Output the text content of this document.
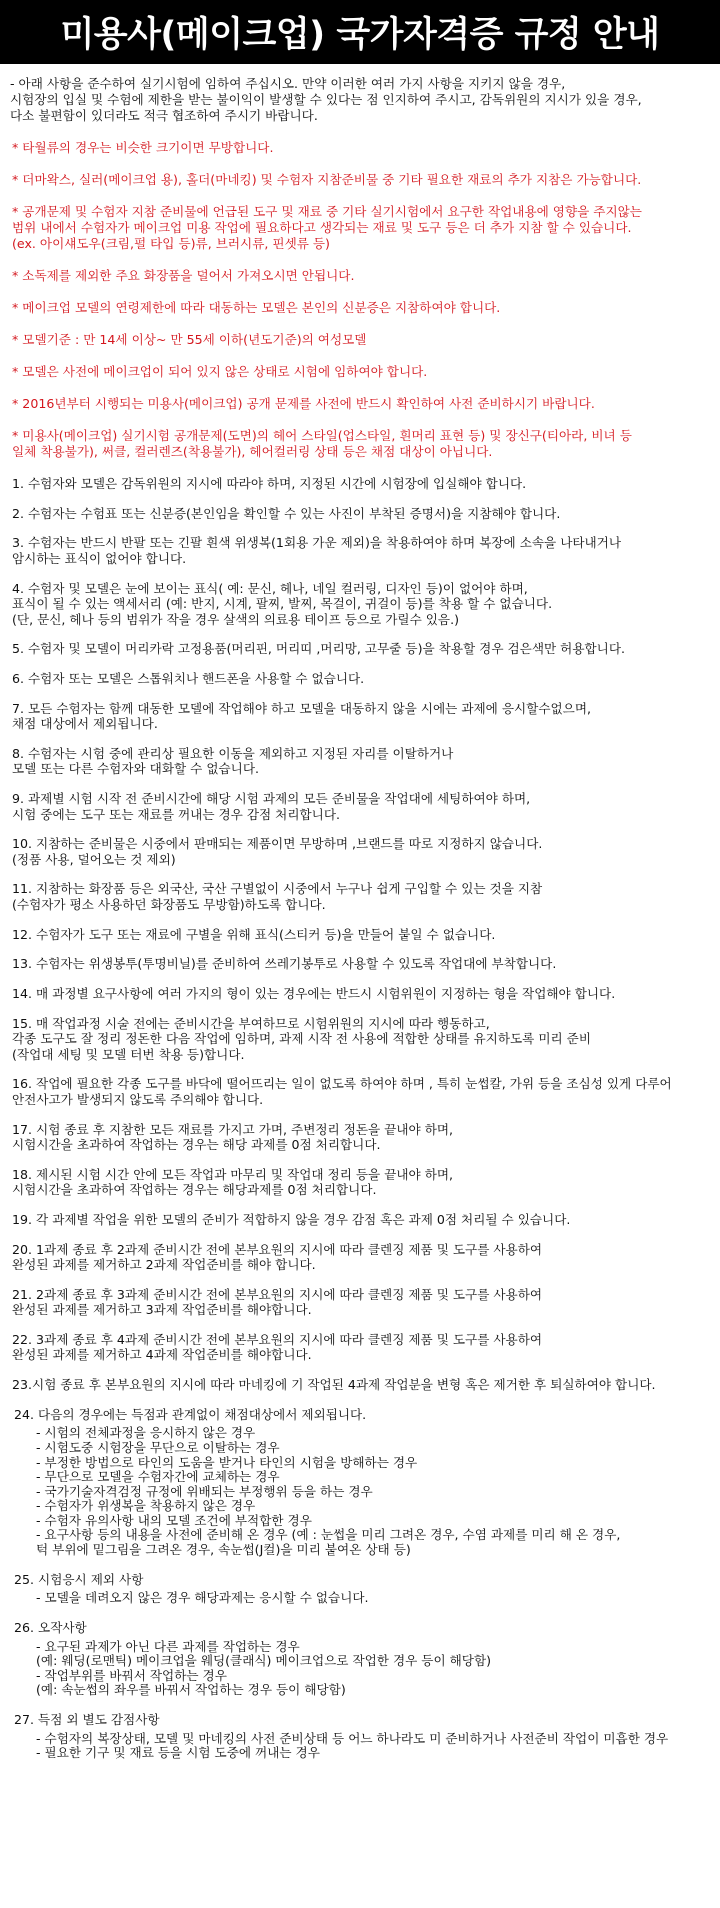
미용사(메이크업) 국가자격증 규정 안내
- 아래 사항을 준수하여 실기시험에 임하여 주십시오. 만약 이러한 여러 가지 사항을 지키지 않을 경우,
시험장의 입실 및 수험에 제한을 받는 불이익이 발생할 수 있다는 점 인지하여 주시고, 감독위원의 지시가 있을 경우,
다소 불편함이 있더라도 적극 협조하여 주시기 바랍니다.
* 타월류의 경우는 비슷한 크기이면 무방합니다.
* 더마왁스, 실러(메이크업 용), 홀더(마네킹) 및 수험자 지참준비물 중 기타 필요한 재료의 추가 지참은 가능합니다.
* 공개문제 및 수험자 지참 준비물에 언급된 도구 및 재료 중 기타 실기시험에서 요구한 작업내용에 영향을 주지않는
범위 내에서 수험자가 메이크업 미용 작업에 필요하다고 생각되는 재료 및 도구 등은 더 추가 지참 할 수 있습니다.
(ex. 아이섀도우(크림,펄 타입 등)류, 브러시류, 핀셋류 등)
* 소독제를 제외한 주요 화장품을 덜어서 가져오시면 안됩니다.
* 메이크업 모델의 연령제한에 따라 대동하는 모델은 본인의 신분증은 지참하여야 합니다.
* 모델기준 : 만 14세 이상~ 만 55세 이하(년도기준)의 여성모델
* 모델은 사전에 메이크업이 되어 있지 않은 상태로 시험에 임하여야 합니다.
* 2016년부터 시행되는 미용사(메이크업) 공개 문제를 사전에 반드시 확인하여 사전 준비하시기 바랍니다.
* 미용사(메이크업) 실기시험 공개문제(도면)의 헤어 스타일(업스타일, 흰머리 표현 등) 및 장신구(티아라, 비녀 등
일체 착용불가), 써클, 컬러렌즈(착용불가), 헤어컬러링 상태 등은 채점 대상이 아닙니다.
1. 수험자와 모델은 감독위원의 지시에 따라야 하며, 지정된 시간에 시험장에 입실해야 합니다.
2. 수험자는 수험표 또는 신분증(본인임을 확인할 수 있는 사진이 부착된 증명서)을 지참해야 합니다.
3. 수험자는 반드시 반팔 또는 긴팔 흰색 위생복(1회용 가운 제외)을 착용하여야 하며 복장에 소속을 나타내거나
암시하는 표식이 없어야 합니다.
4. 수험자 및 모델은 눈에 보이는 표식( 예: 문신, 헤나, 네일 컬러링, 디자인 등)이 없어야 하며,
표식이 될 수 있는 액세서리 (예: 반지, 시계, 팔찌, 발찌, 목걸이, 귀걸이 등)를 착용 할 수 없습니다.
(단, 문신, 헤나 등의 범위가 작을 경우 살색의 의료용 테이프 등으로 가릴수 있음.)
5. 수험자 및 모델이 머리카락 고정용품(머리핀, 머리띠 ,머리망, 고무줄 등)을 착용할 경우 검은색만 허용합니다.
6. 수험자 또는 모델은 스톱워치나 핸드폰을 사용할 수 없습니다.
7. 모든 수험자는 함께 대동한 모델에 작업해야 하고 모델을 대동하지 않을 시에는 과제에 응시할수없으며,
채점 대상에서 제외됩니다.
8. 수험자는 시험 중에 관리상 필요한 이동을 제외하고 지정된 자리를 이탈하거나
모델 또는 다른 수험자와 대화할 수 없습니다.
9. 과제별 시험 시작 전 준비시간에 해당 시험 과제의 모든 준비물을 작업대에 세팅하여야 하며,
시험 중에는 도구 또는 재료를 꺼내는 경우 감점 처리합니다.
10. 지참하는 준비물은 시중에서 판매되는 제품이면 무방하며 ,브랜드를 따로 지정하지 않습니다.
(정품 사용, 덜어오는 것 제외)
11. 지참하는 화장품 등은 외국산, 국산 구별없이 시중에서 누구나 쉽게 구입할 수 있는 것을 지참
(수험자가 평소 사용하던 화장품도 무방함)하도록 합니다.
12. 수험자가 도구 또는 재료에 구별을 위해 표식(스티커 등)을 만들어 붙일 수 없습니다.
13. 수험자는 위생봉투(투명비닐)를 준비하여 쓰레기봉투로 사용할 수 있도록 작업대에 부착합니다.
14. 매 과정별 요구사항에 여러 가지의 형이 있는 경우에는 반드시 시험위원이 지정하는 형을 작업해야 합니다.
15. 매 작업과정 시술 전에는 준비시간을 부여하므로 시험위원의 지시에 따라 행동하고,
각종 도구도 잘 정리 정돈한 다음 작업에 임하며, 과제 시작 전 사용에 적합한 상태를 유지하도록 미리 준비
(작업대 세팅 및 모델 터번 착용 등)합니다.
16. 작업에 필요한 각종 도구를 바닥에 떨어뜨리는 일이 없도록 하여야 하며 , 특히 눈썹칼, 가위 등을 조심성 있게 다루어
안전사고가 발생되지 않도록 주의해야 합니다.
17. 시험 종료 후 지참한 모든 재료를 가지고 가며, 주변정리 정돈을 끝내야 하며,
시험시간을 초과하여 작업하는 경우는 해당 과제를 0점 처리합니다.
18. 제시된 시험 시간 안에 모든 작업과 마무리 및 작업대 정리 등을 끝내야 하며,
시험시간을 초과하여 작업하는 경우는 해당과제를 0점 처리합니다.
19. 각 과제별 작업을 위한 모델의 준비가 적합하지 않을 경우 감점 혹은 과제 0점 처리될 수 있습니다.
20. 1과제 종료 후 2과제 준비시간 전에 본부요원의 지시에 따라 클렌징 제품 및 도구를 사용하여
완성된 과제를 제거하고 2과제 작업준비를 해야 합니다.
21. 2과제 종료 후 3과제 준비시간 전에 본부요원의 지시에 따라 클렌징 제품 및 도구를 사용하여
완성된 과제를 제거하고 3과제 작업준비를 해야합니다.
22. 3과제 종료 후 4과제 준비시간 전에 본부요원의 지시에 따라 클렌징 제품 및 도구를 사용하여
완성된 과제를 제거하고 4과제 작업준비를 해야합니다.
23.시험 종료 후 본부요원의 지시에 따라 마네킹에 기 작업된 4과제 작업분을 변형 혹은 제거한 후 퇴실하여야 합니다.
24. 다음의 경우에는 득점과 관계없이 채점대상에서 제외됩니다.
- 시험의 전체과정을 응시하지 않은 경우
- 시험도중 시험장을 무단으로 이탈하는 경우
- 부정한 방법으로 타인의 도움을 받거나 타인의 시험을 방해하는 경우
- 무단으로 모델을 수험자간에 교체하는 경우
- 국가기술자격검정 규정에 위배되는 부정행위 등을 하는 경우
- 수험자가 위생복을 착용하지 않은 경우
- 수험자 유의사항 내의 모델 조건에 부적합한 경우
- 요구사항 등의 내용을 사전에 준비해 온 경우 (예 : 눈썹을 미리 그려온 경우, 수염 과제를 미리 해 온 경우,
턱 부위에 밑그림을 그려온 경우, 속눈썹(J컬)을 미리 붙여온 상태 등)
25. 시험응시 제외 사항
- 모델을 데려오지 않은 경우 해당과제는 응시할 수 없습니다.
26. 오작사항
- 요구된 과제가 아닌 다른 과제를 작업하는 경우
(예: 웨딩(로맨틱) 메이크업을 웨딩(클래식) 메이크업으로 작업한 경우 등이 해당함)
- 작업부위를 바꿔서 작업하는 경우
(예: 속눈썹의 좌우를 바꿔서 작업하는 경우 등이 해당함)
27. 득점 외 별도 감점사항
- 수험자의 복장상태, 모델 및 마네킹의 사전 준비상태 등 어느 하나라도 미 준비하거나 사전준비 작업이 미흡한 경우
- 필요한 기구 및 재료 등을 시험 도중에 꺼내는 경우
